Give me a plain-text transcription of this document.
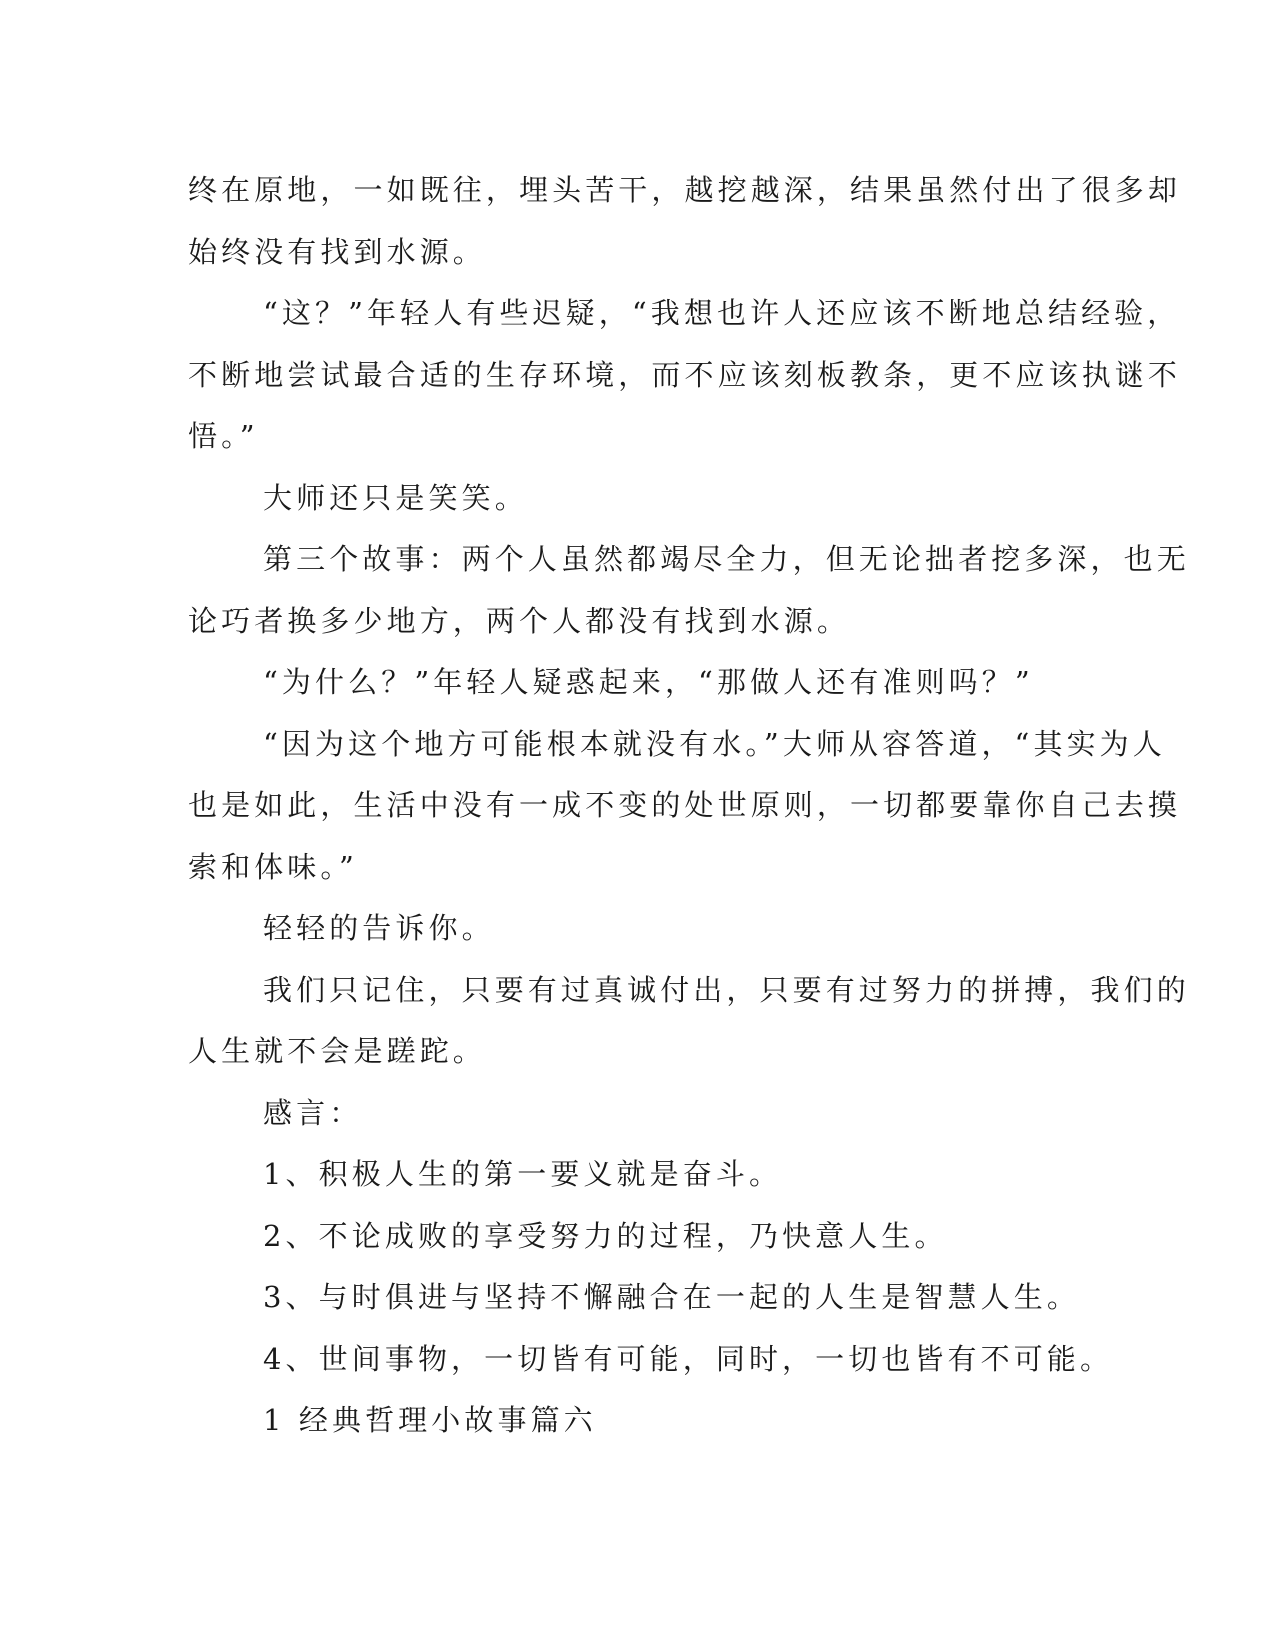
终在原地，一如既往，埋头苦干，越挖越深，结果虽然付出了很多却

始终没有找到水源。

“这？”年轻人有些迟疑，“我想也许人还应该不断地总结经验，

不断地尝试最合适的生存环境，而不应该刻板教条，更不应该执谜不

悟。”

大师还只是笑笑。

第三个故事：两个人虽然都竭尽全力，但无论拙者挖多深，也无

论巧者换多少地方，两个人都没有找到水源。

“为什么？”年轻人疑惑起来，“那做人还有准则吗？”

“因为这个地方可能根本就没有水。”大师从容答道，“其实为人

也是如此，生活中没有一成不变的处世原则，一切都要靠你自己去摸

索和体味。”

轻轻的告诉你。

我们只记住，只要有过真诚付出，只要有过努力的拼搏，我们的

人生就不会是蹉跎。

感言：

1、积极人生的第一要义就是奋斗。

2、不论成败的享受努力的过程，乃快意人生。

3、与时俱进与坚持不懈融合在一起的人生是智慧人生。

4、世间事物，一切皆有可能，同时，一切也皆有不可能。

1 经典哲理小故事篇六
